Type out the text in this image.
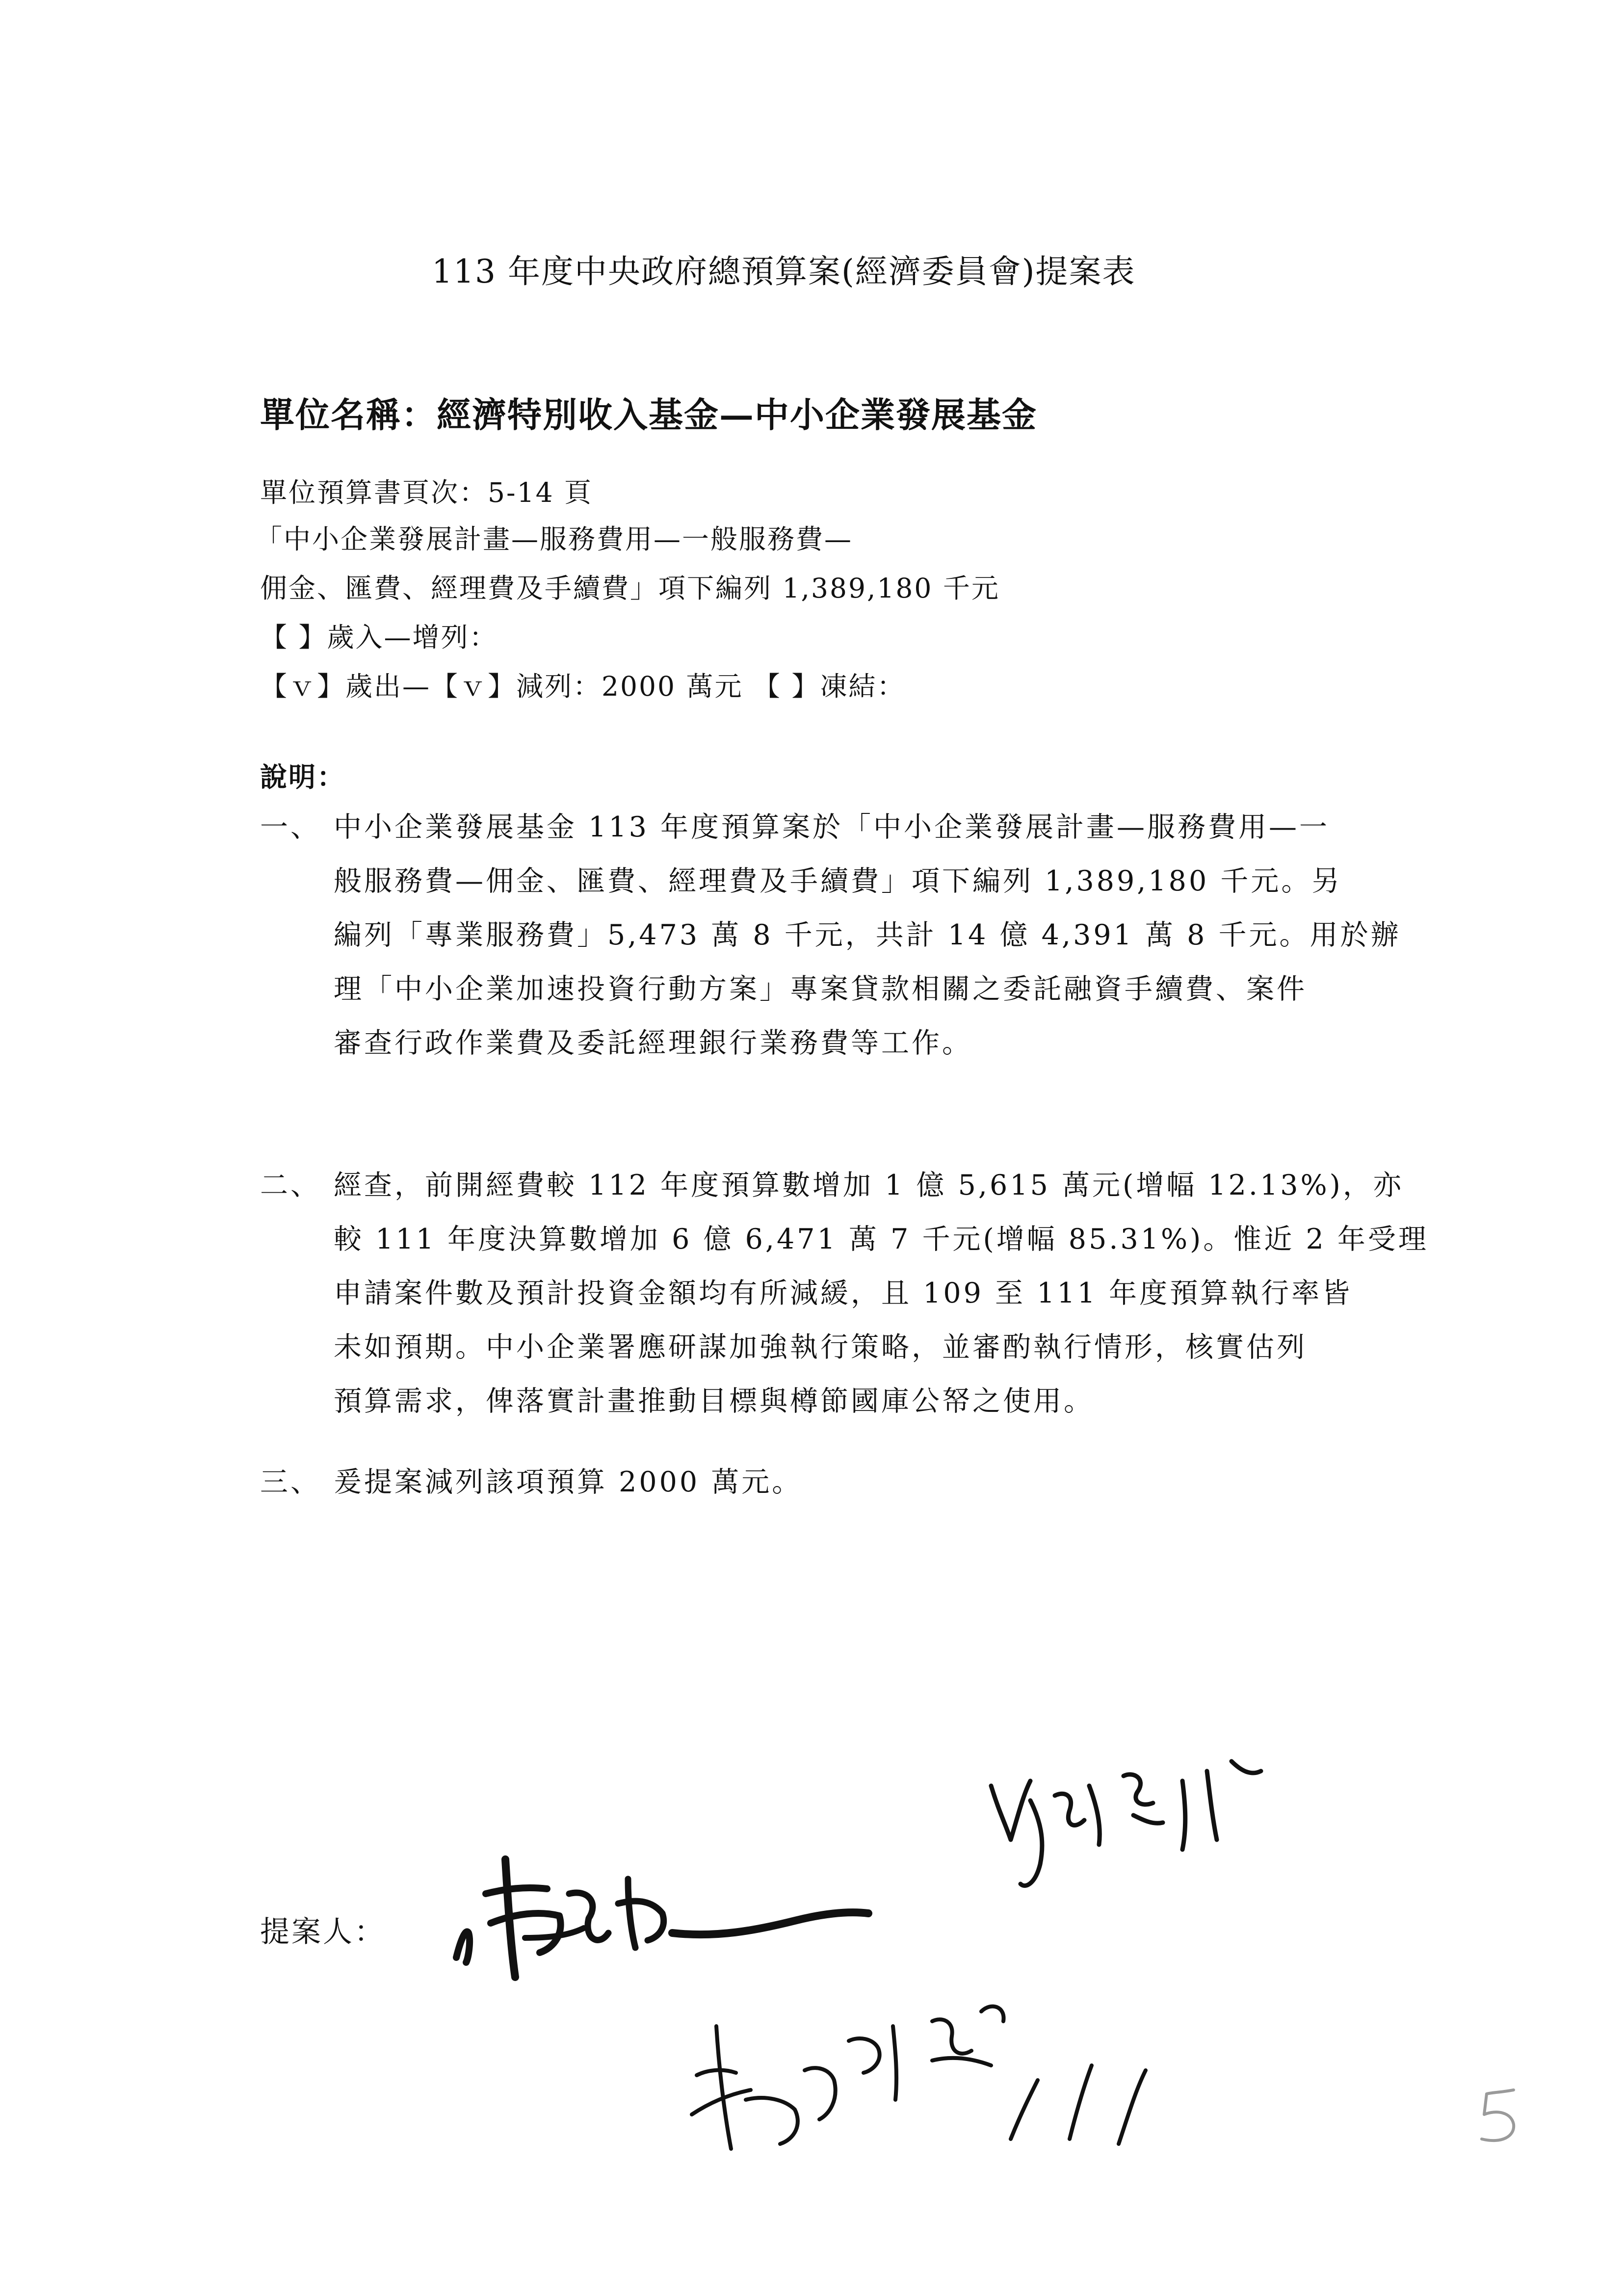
113 年度中央政府總預算案(經濟委員會)提案表
單位名稱：經濟特別收入基金—中小企業發展基金
單位預算書頁次：5-14 頁
「中小企業發展計畫—服務費用—一般服務費—
佣金、匯費、經理費及手續費」項下編列 1,389,180 千元
【 】歲入—增列：
【ｖ】歲出—【ｖ】減列：2000 萬元 【 】凍結：
說明：
一、 中小企業發展基金 113 年度預算案於「中小企業發展計畫—服務費用—一
般服務費—佣金、匯費、經理費及手續費」項下編列 1,389,180 千元。另
編列「專業服務費」5,473 萬 8 千元，共計 14 億 4,391 萬 8 千元。用於辦
理「中小企業加速投資行動方案」專案貸款相關之委託融資手續費、案件
審查行政作業費及委託經理銀行業務費等工作。
二、 經查，前開經費較 112 年度預算數增加 1 億 5,615 萬元(增幅 12.13%)，亦
較 111 年度決算數增加 6 億 6,471 萬 7 千元(增幅 85.31%)。惟近 2 年受理
申請案件數及預計投資金額均有所減緩，且 109 至 111 年度預算執行率皆
未如預期。中小企業署應研謀加強執行策略，並審酌執行情形，核實估列
預算需求，俾落實計畫推動目標與樽節國庫公帑之使用。
三、 爰提案減列該項預算 2000 萬元。
提案人：
